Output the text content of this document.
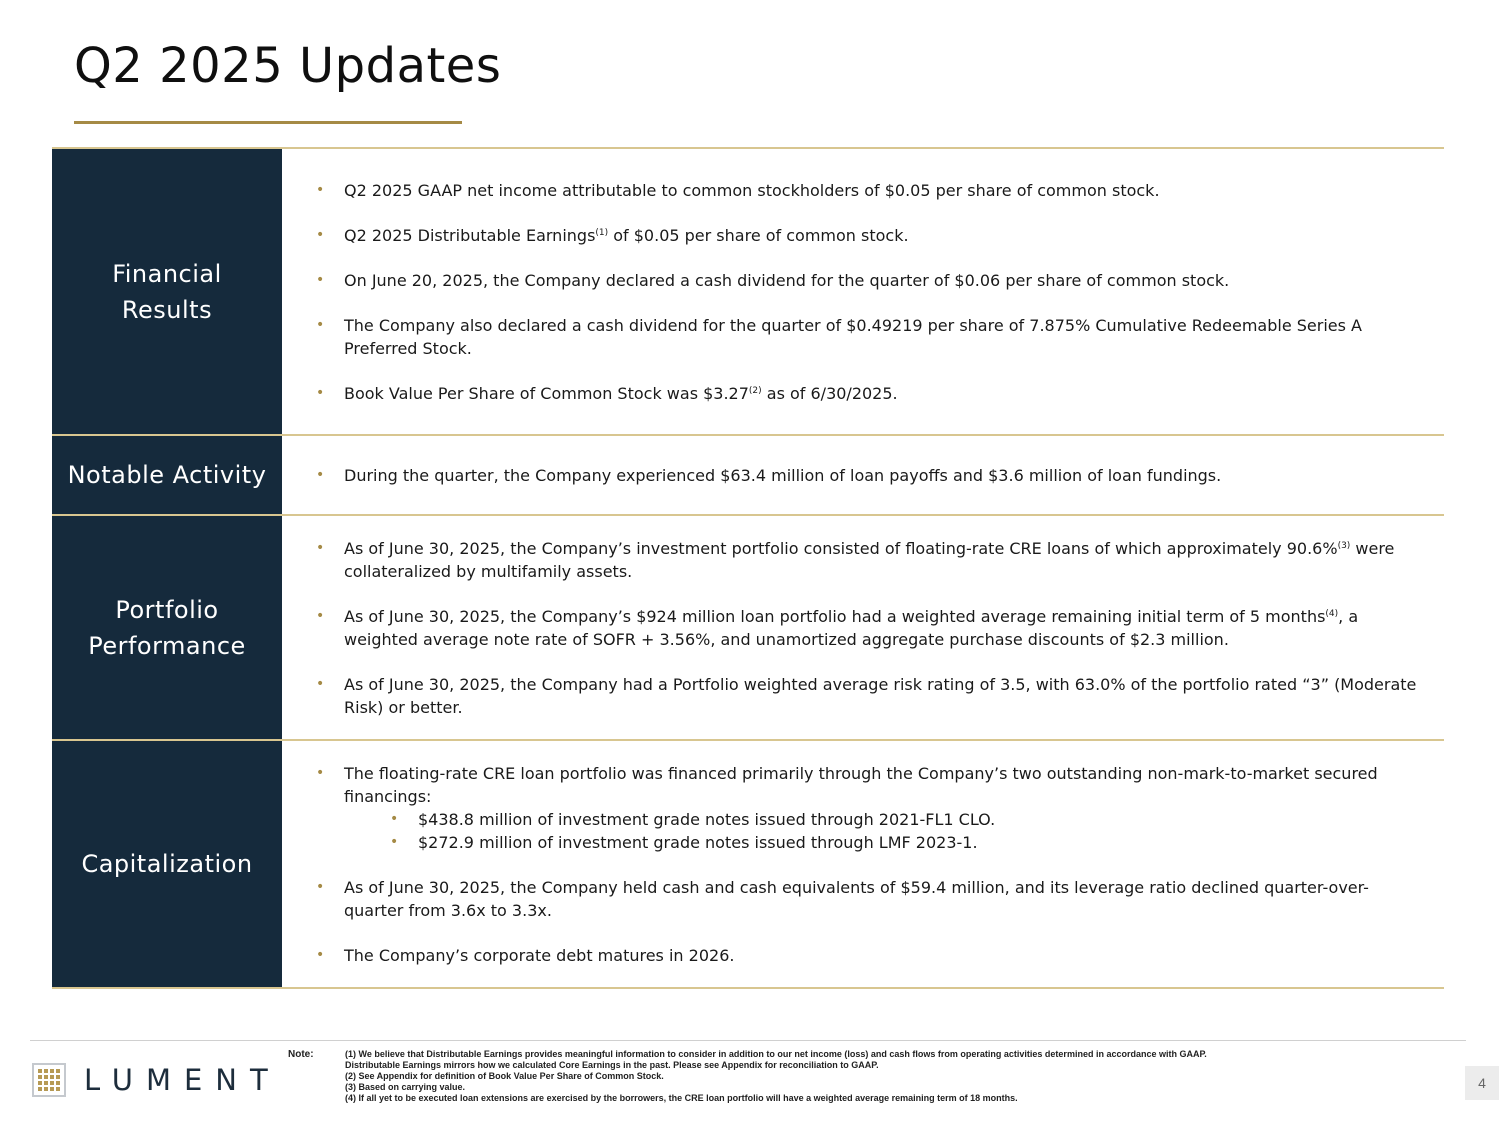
Q2 2025 Updates
Financial Results
• Q2 2025 GAAP net income attributable to common stockholders of $0.05 per share of common stock.
• Q2 2025 Distributable Earnings$^{(1)}$ of $0.05 per share of common stock.
• On June 20, 2025, the Company declared a cash dividend for the quarter of $0.06 per share of common stock.
• The Company also declared a cash dividend for the quarter of $0.49219 per share of 7.875% Cumulative Redeemable Series A Preferred Stock.
• Book Value Per Share of Common Stock was $3.27$^{(2)}$ as of 6/30/2025.
Notable Activity
•	During the quarter, the Company experienced $63.4 million of loan payoffs and $3.6 million of loan fundings.
Portfolio Performance
• As of June 30, 2025, the Company’s investment portfolio consisted of floating-rate CRE loans of which approximately 90.6%$^{(3)}$ were collateralized by multifamily assets.
• As of June 30, 2025, the Company’s $924 million loan portfolio had a weighted average remaining initial term of 5 months$^{(4)}$, a weighted average note rate of SOFR + 3.56%, and unamortized aggregate purchase discounts of $2.3 million.
• As of June 30, 2025, the Company had a Portfolio weighted average risk rating of 3.5, with 63.0% of the portfolio rated “3” (Moderate Risk) or better.
Capitalization
• The floating-rate CRE loan portfolio was financed primarily through the Company’s two outstanding non-mark-to-market secured financings:
• $438.8 million of investment grade notes issued through 2021-FL1 CLO.
• $272.9 million of investment grade notes issued through LMF 2023-1.
• As of June 30, 2025, the Company held cash and cash equivalents of $59.4 million, and its leverage ratio declined quarter-over-quarter from 3.6x to 3.3x.
• The Company’s corporate debt matures in 2026.
LUMENT
Note:	(1) We believe that Distributable Earnings provides meaningful information to consider in addition to our net income (loss) and cash flows from operating activities determined in accordance with GAAP.
Distributable Earnings mirrors how we calculated Core Earnings in the past. Please see Appendix for reconciliation to GAAP.
(2) See Appendix for definition of Book Value Per Share of Common Stock.
(3) Based on carrying value.
(4) If all yet to be executed loan extensions are exercised by the borrowers, the CRE loan portfolio will have a weighted average remaining term of 18 months.
4
